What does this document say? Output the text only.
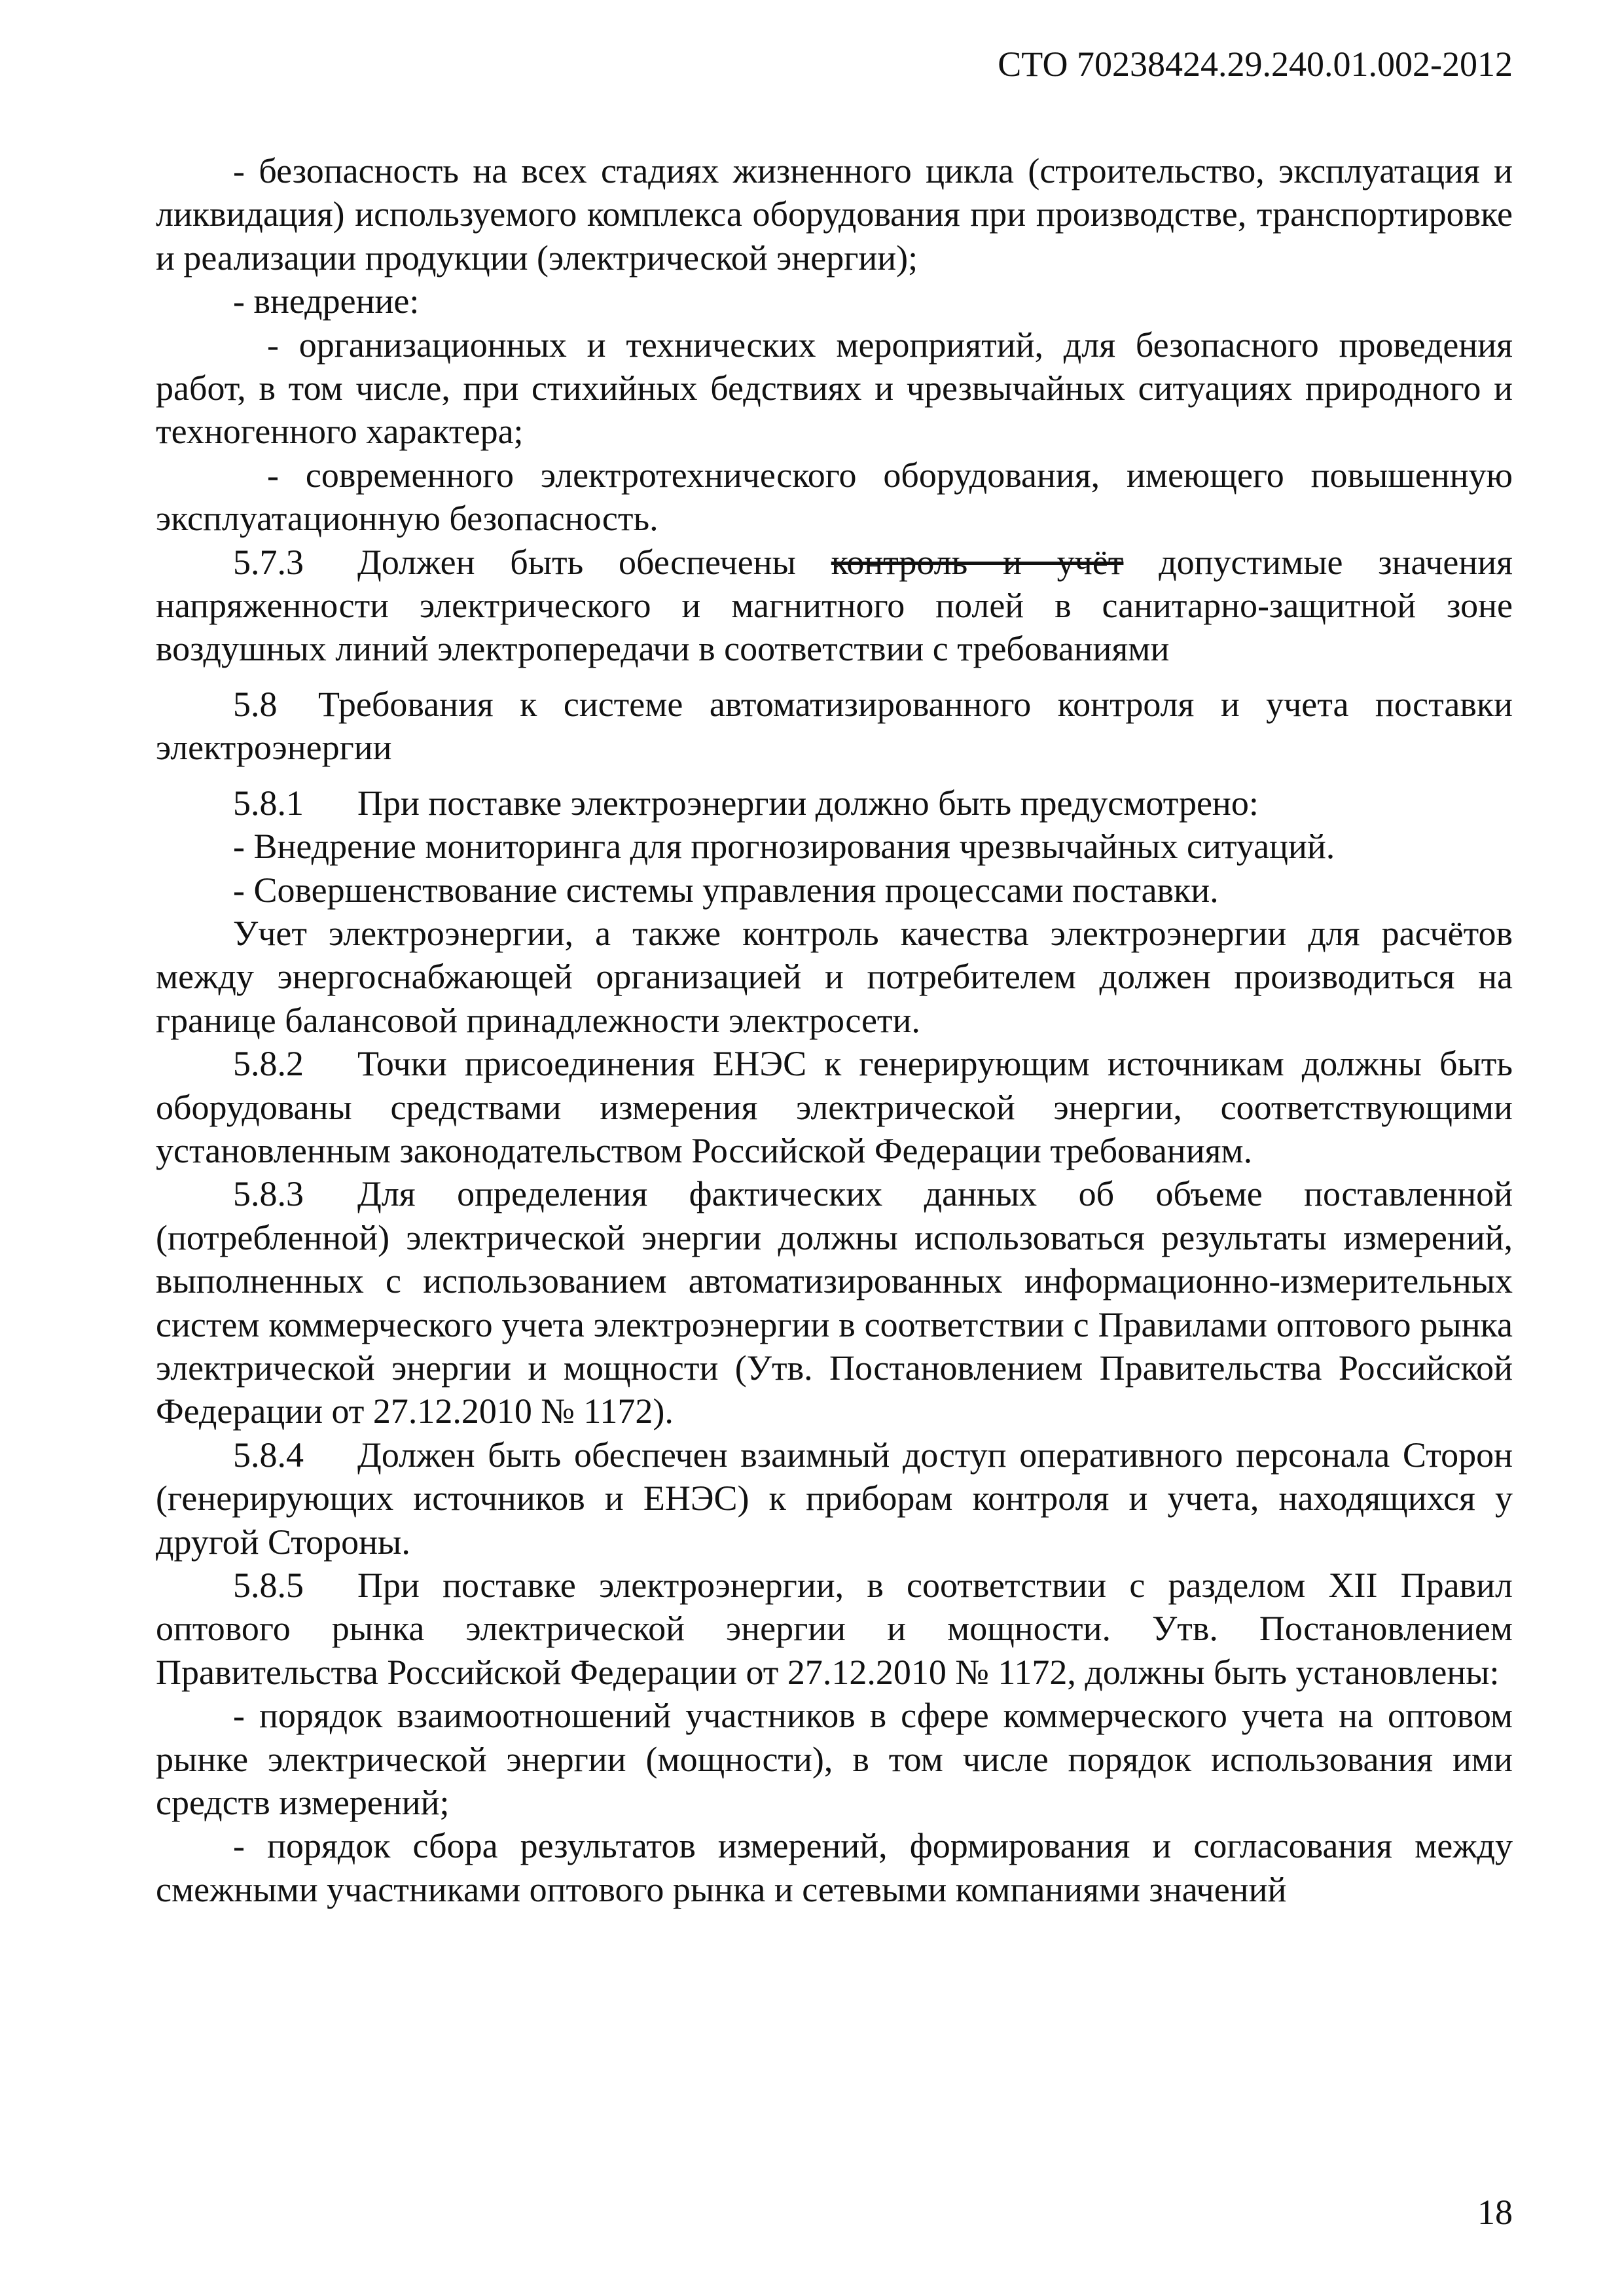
СТО 70238424.29.240.01.002-2012

- безопасность на всех стадиях жизненного цикла (строительство, эксплуатация и ликвидация) используемого комплекса оборудования при производстве, транспортировке и реализации продукции (электрической энергии);

- внедрение:

- организационных и технических мероприятий, для безопасного проведения работ, в том числе, при стихийных бедствиях и чрезвычайных ситуациях природного и техногенного характера;

- современного электротехнического оборудования, имеющего повышенную эксплуатационную безопасность.

5.7.3 Должен быть обеспечены контроль и учёт допустимые значения напряженности электрического и магнитного полей в санитарно-защитной зоне воздушных линий электропередачи в соответствии с требованиями

5.8 Требования к системе автоматизированного контроля и учета поставки электроэнергии

5.8.1 При поставке электроэнергии должно быть предусмотрено:

- Внедрение мониторинга для прогнозирования чрезвычайных ситуаций.

- Совершенствование системы управления процессами поставки.

Учет электроэнергии, а также контроль качества электроэнергии для расчётов между энергоснабжающей организацией и потребителем должен производиться на границе балансовой принадлежности электросети.

5.8.2 Точки присоединения ЕНЭС к генерирующим источникам должны быть оборудованы средствами измерения электрической энергии, соответствующими установленным законодательством Российской Федерации требованиям.

5.8.3 Для определения фактических данных об объеме поставленной (потребленной) электрической энергии должны использоваться результаты измерений, выполненных с использованием автоматизированных информационно-измерительных систем коммерческого учета электроэнергии в соответствии с Правилами оптового рынка электрической энергии и мощности (Утв. Постановлением Правительства Российской Федерации от 27.12.2010 № 1172).

5.8.4 Должен быть обеспечен взаимный доступ оперативного персонала Сторон (генерирующих источников и ЕНЭС) к приборам контроля и учета, находящихся у другой Стороны.

5.8.5 При поставке электроэнергии, в соответствии с разделом XII Правил оптового рынка электрической энергии и мощности. Утв. Постановлением Правительства Российской Федерации от 27.12.2010 № 1172, должны быть установлены:

- порядок взаимоотношений участников в сфере коммерческого учета на оптовом рынке электрической энергии (мощности), в том числе порядок использования ими средств измерений;

- порядок сбора результатов измерений, формирования и согласования между смежными участниками оптового рынка и сетевыми компаниями значений

18
